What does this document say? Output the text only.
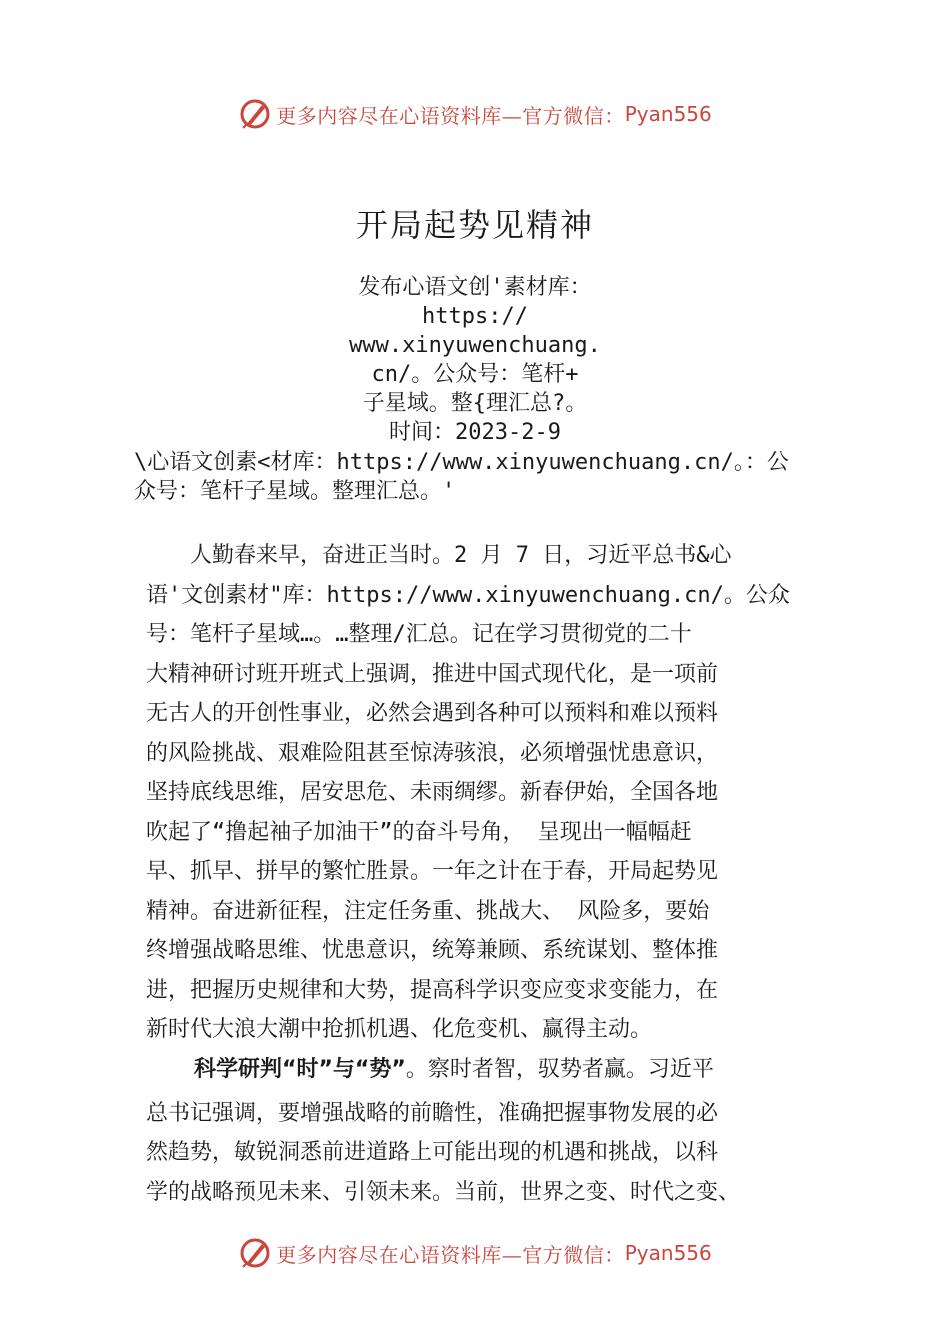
更多内容尽在心语资料库—官方微信： Pyan556
开局起势见精神
发布心语文创'素材库：
https://
www.xinyuwenchuang.
cn/。公众号：笔杆+
子星域。整{理汇总?。
时间：2023-2-9
\心语文创素<材库：https://www.xinyuwenchuang.cn/。：公
众号：笔杆子星域。整理汇总。'
　　人勤春来早，奋进正当时。2 月 7 日，习近平总书&心
语'文创素材"库：https://www.xinyuwenchuang.cn/。公众
号：笔杆子星域…。…整理/汇总。记在学习贯彻党的二十
大精神研讨班开班式上强调，推进中国式现代化，是一项前
无古人的开创性事业，必然会遇到各种可以预料和难以预料
的风险挑战、艰难险阻甚至惊涛骇浪，必须增强忧患意识，
坚持底线思维，居安思危、未雨绸缪。新春伊始，全国各地
吹起了“撸起袖子加油干”的奋斗号角， 呈现出一幅幅赶
早、抓早、拼早的繁忙胜景。一年之计在于春，开局起势见
精神。奋进新征程，注定任务重、挑战大、 风险多，要始
终增强战略思维、忧患意识，统筹兼顾、系统谋划、整体推
进，把握历史规律和大势，提高科学识变应变求变能力，在
新时代大浪大潮中抢抓机遇、化危变机、赢得主动。
科学研判“时”与“势”。察时者智，驭势者赢。习近平
总书记强调，要增强战略的前瞻性，准确把握事物发展的必
然趋势，敏锐洞悉前进道路上可能出现的机遇和挑战，以科
学的战略预见未来、引领未来。当前，世界之变、时代之变、
更多内容尽在心语资料库—官方微信： Pyan556
